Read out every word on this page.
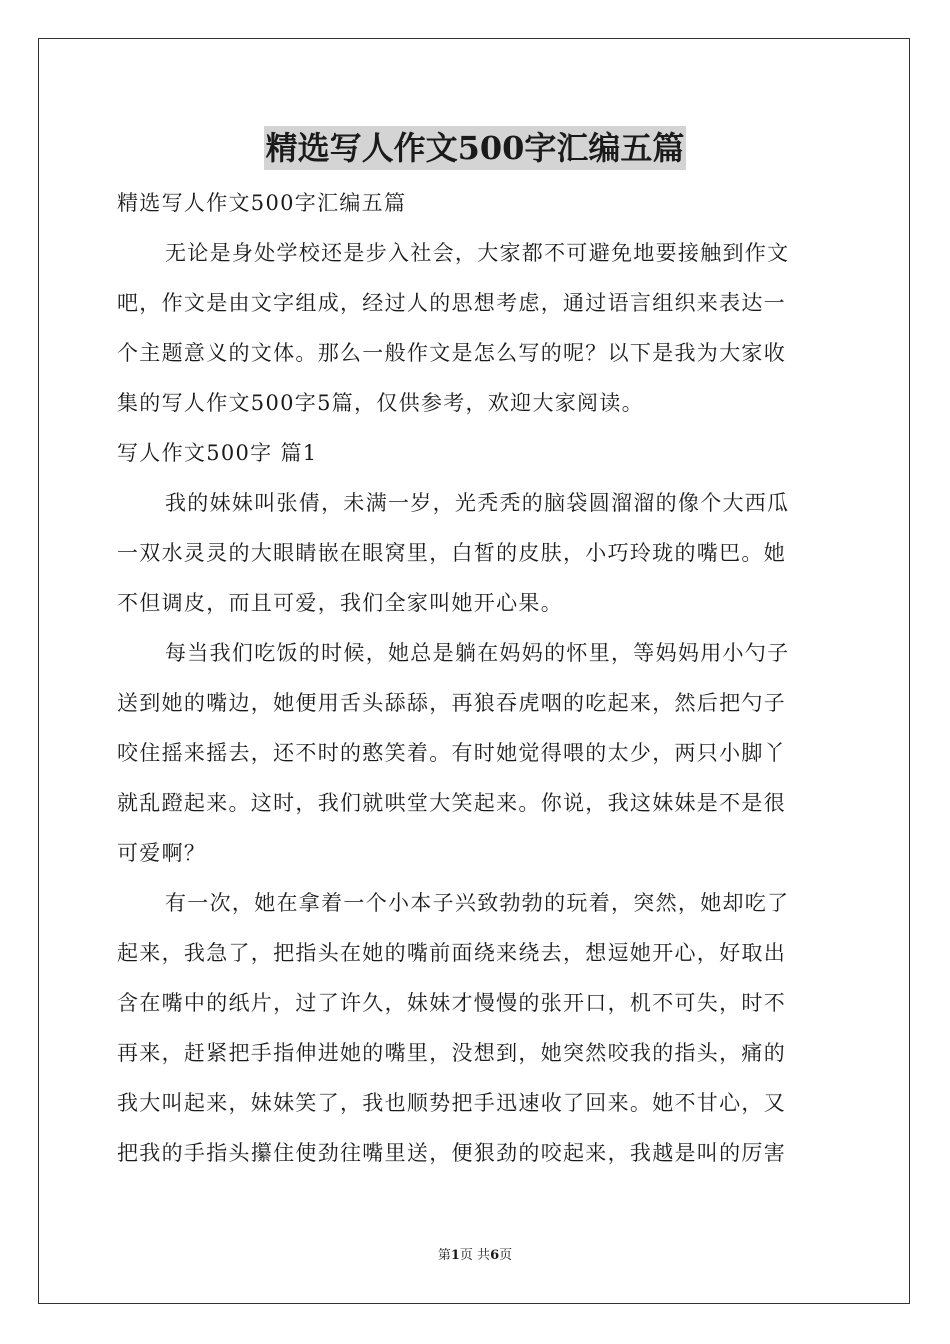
精选写人作文500字汇编五篇
精选写人作文500字汇编五篇
无论是身处学校还是步入社会，大家都不可避免地要接触到作文
吧，作文是由文字组成，经过人的思想考虑，通过语言组织来表达一
个主题意义的文体。那么一般作文是怎么写的呢？以下是我为大家收
集的写人作文500字5篇，仅供参考，欢迎大家阅读。
写人作文500字 篇1
我的妹妹叫张倩，未满一岁，光秃秃的脑袋圆溜溜的像个大西瓜
一双水灵灵的大眼睛嵌在眼窝里，白皙的皮肤，小巧玲珑的嘴巴。她
不但调皮，而且可爱，我们全家叫她开心果。
每当我们吃饭的时候，她总是躺在妈妈的怀里，等妈妈用小勺子
送到她的嘴边，她便用舌头舔舔，再狼吞虎咽的吃起来，然后把勺子
咬住摇来摇去，还不时的憨笑着。有时她觉得喂的太少，两只小脚丫
就乱蹬起来。这时，我们就哄堂大笑起来。你说，我这妹妹是不是很
可爱啊？
有一次，她在拿着一个小本子兴致勃勃的玩着，突然，她却吃了
起来，我急了，把指头在她的嘴前面绕来绕去，想逗她开心，好取出
含在嘴中的纸片，过了许久，妹妹才慢慢的张开口，机不可失，时不
再来，赶紧把手指伸进她的嘴里，没想到，她突然咬我的指头，痛的
我大叫起来，妹妹笑了，我也顺势把手迅速收了回来。她不甘心，又
把我的手指头攥住使劲往嘴里送，便狠劲的咬起来，我越是叫的厉害
第1页 共6页
